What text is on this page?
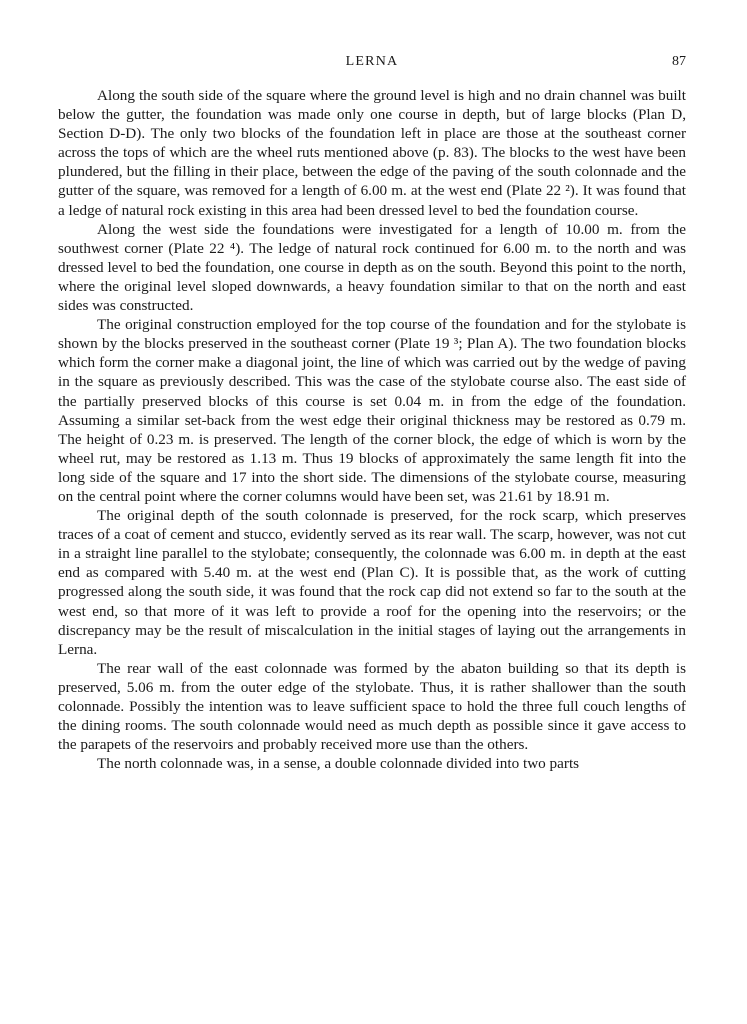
LERNA	87

Along the south side of the square where the ground level is high and no drain channel was built below the gutter, the foundation was made only one course in depth, but of large blocks (Plan D, Section D-D). The only two blocks of the foundation left in place are those at the southeast corner across the tops of which are the wheel ruts mentioned above (p. 83). The blocks to the west have been plundered, but the filling in their place, between the edge of the paving of the south colonnade and the gutter of the square, was removed for a length of 6.00 m. at the west end (Plate 22 ²). It was found that a ledge of natural rock existing in this area had been dressed level to bed the foundation course.

Along the west side the foundations were investigated for a length of 10.00 m. from the southwest corner (Plate 22 ⁴). The ledge of natural rock continued for 6.00 m. to the north and was dressed level to bed the foundation, one course in depth as on the south. Beyond this point to the north, where the original level sloped downwards, a heavy foundation similar to that on the north and east sides was constructed.

The original construction employed for the top course of the foundation and for the stylobate is shown by the blocks preserved in the southeast corner (Plate 19 ³; Plan A). The two foundation blocks which form the corner make a diagonal joint, the line of which was carried out by the wedge of paving in the square as previously described. This was the case of the stylobate course also. The east side of the partially preserved blocks of this course is set 0.04 m. in from the edge of the foundation. Assuming a similar set-back from the west edge their original thickness may be restored as 0.79 m. The height of 0.23 m. is preserved. The length of the corner block, the edge of which is worn by the wheel rut, may be restored as 1.13 m. Thus 19 blocks of approximately the same length fit into the long side of the square and 17 into the short side. The dimensions of the stylobate course, measuring on the central point where the corner columns would have been set, was 21.61 by 18.91 m.

The original depth of the south colonnade is preserved, for the rock scarp, which preserves traces of a coat of cement and stucco, evidently served as its rear wall. The scarp, however, was not cut in a straight line parallel to the stylobate; consequently, the colonnade was 6.00 m. in depth at the east end as compared with 5.40 m. at the west end (Plan C). It is possible that, as the work of cutting progressed along the south side, it was found that the rock cap did not extend so far to the south at the west end, so that more of it was left to provide a roof for the opening into the reservoirs; or the discrepancy may be the result of miscalculation in the initial stages of laying out the arrangements in Lerna.

The rear wall of the east colonnade was formed by the abaton building so that its depth is preserved, 5.06 m. from the outer edge of the stylobate. Thus, it is rather shallower than the south colonnade. Possibly the intention was to leave sufficient space to hold the three full couch lengths of the dining rooms. The south colonnade would need as much depth as possible since it gave access to the parapets of the reservoirs and probably received more use than the others.

The north colonnade was, in a sense, a double colonnade divided into two parts
